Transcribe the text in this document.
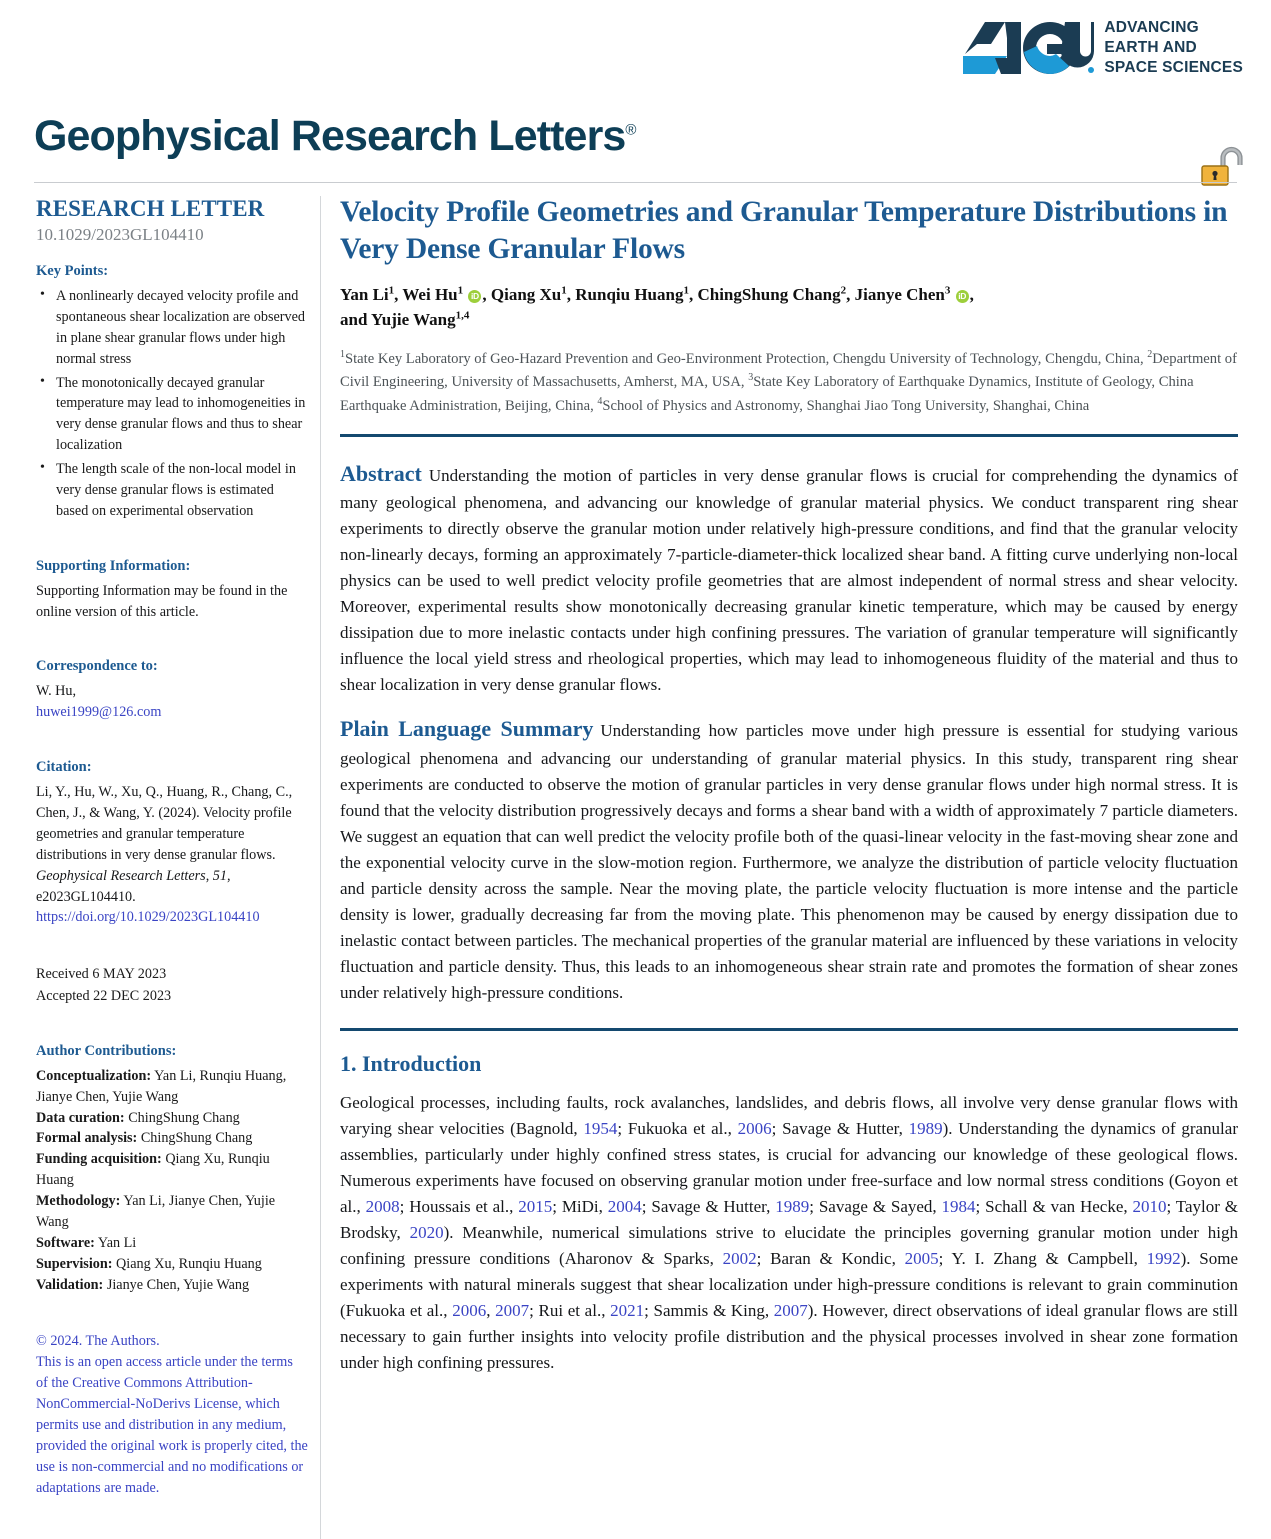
ADVANCING
EARTH AND
SPACE SCIENCES
Geophysical Research Letters®
RESEARCH LETTER
10.1029/2023GL104410
Key Points:
• A nonlinearly decayed velocity profile and spontaneous shear localization are observed in plane shear granular flows under high normal stress
• The monotonically decayed granular temperature may lead to inhomogeneities in very dense granular flows and thus to shear localization
• The length scale of the non-local model in very dense granular flows is estimated based on experimental observation
Supporting Information:
Supporting Information may be found in the online version of this article.
Correspondence to:
W. Hu,
huwei1999@126.com
Citation:
Li, Y., Hu, W., Xu, Q., Huang, R., Chang, C., Chen, J., & Wang, Y. (2024). Velocity profile geometries and granular temperature distributions in very dense granular flows. Geophysical Research Letters, 51, e2023GL104410. https://doi.org/10.1029/2023GL104410
Received 6 MAY 2023
Accepted 22 DEC 2023
Author Contributions:
Conceptualization: Yan Li, Runqiu Huang, Jianye Chen, Yujie Wang
Data curation: ChingShung Chang
Formal analysis: ChingShung Chang
Funding acquisition: Qiang Xu, Runqiu Huang
Methodology: Yan Li, Jianye Chen, Yujie Wang
Software: Yan Li
Supervision: Qiang Xu, Runqiu Huang
Validation: Jianye Chen, Yujie Wang
© 2024. The Authors.
This is an open access article under the terms of the Creative Commons Attribution-NonCommercial-NoDerivs License, which permits use and distribution in any medium, provided the original work is properly cited, the use is non-commercial and no modifications or adaptations are made.
Velocity Profile Geometries and Granular Temperature Distributions in Very Dense Granular Flows
Yan Li$^1$, Wei Hu$^1$ iD , Qiang Xu$^1$, Runqiu Huang$^1$, ChingShung Chang$^2$, Jianye Chen$^3$ iD ,
and Yujie Wang$^{1,4}$
$^1$State Key Laboratory of Geo-Hazard Prevention and Geo-Environment Protection, Chengdu University of Technology, Chengdu, China, $^2$Department of Civil Engineering, University of Massachusetts, Amherst, MA, USA, $^3$State Key Laboratory of Earthquake Dynamics, Institute of Geology, China Earthquake Administration, Beijing, China, $^4$School of Physics and Astronomy, Shanghai Jiao Tong University, Shanghai, China

Abstract Understanding the motion of particles in very dense granular flows is crucial for comprehending the dynamics of many geological phenomena, and advancing our knowledge of granular material physics. We conduct transparent ring shear experiments to directly observe the granular motion under relatively high-pressure conditions, and find that the granular velocity non-linearly decays, forming an approximately 7-particle-diameter-thick localized shear band. A fitting curve underlying non-local physics can be used to well predict velocity profile geometries that are almost independent of normal stress and shear velocity. Moreover, experimental results show monotonically decreasing granular kinetic temperature, which may be caused by energy dissipation due to more inelastic contacts under high confining pressures. The variation of granular temperature will significantly influence the local yield stress and rheological properties, which may lead to inhomogeneous fluidity of the material and thus to shear localization in very dense granular flows.

Plain Language Summary Understanding how particles move under high pressure is essential for studying various geological phenomena and advancing our understanding of granular material physics. In this study, transparent ring shear experiments are conducted to observe the motion of granular particles in very dense granular flows under high normal stress. It is found that the velocity distribution progressively decays and forms a shear band with a width of approximately 7 particle diameters. We suggest an equation that can well predict the velocity profile both of the quasi-linear velocity in the fast-moving shear zone and the exponential velocity curve in the slow-motion region. Furthermore, we analyze the distribution of particle velocity fluctuation and particle density across the sample. Near the moving plate, the particle velocity fluctuation is more intense and the particle density is lower, gradually decreasing far from the moving plate. This phenomenon may be caused by energy dissipation due to inelastic contact between particles. The mechanical properties of the granular material are influenced by these variations in velocity fluctuation and particle density. Thus, this leads to an inhomogeneous shear strain rate and promotes the formation of shear zones under relatively high-pressure conditions.

1. Introduction

Geological processes, including faults, rock avalanches, landslides, and debris flows, all involve very dense granular flows with varying shear velocities (Bagnold, 1954; Fukuoka et al., 2006; Savage & Hutter, 1989). Understanding the dynamics of granular assemblies, particularly under highly confined stress states, is crucial for advancing our knowledge of these geological flows. Numerous experiments have focused on observing granular motion under free-surface and low normal stress conditions (Goyon et al., 2008; Houssais et al., 2015; MiDi, 2004; Savage & Hutter, 1989; Savage & Sayed, 1984; Schall & van Hecke, 2010; Taylor & Brodsky, 2020). Meanwhile, numerical simulations strive to elucidate the principles governing granular motion under high confining pressure conditions (Aharonov & Sparks, 2002; Baran & Kondic, 2005; Y. I. Zhang & Campbell, 1992). Some experiments with natural minerals suggest that shear localization under high-pressure conditions is relevant to grain comminution (Fukuoka et al., 2006, 2007; Rui et al., 2021; Sammis & King, 2007). However, direct observations of ideal granular flows are still necessary to gain further insights into velocity profile distribution and the physical processes involved in shear zone formation under high confining pressures.
